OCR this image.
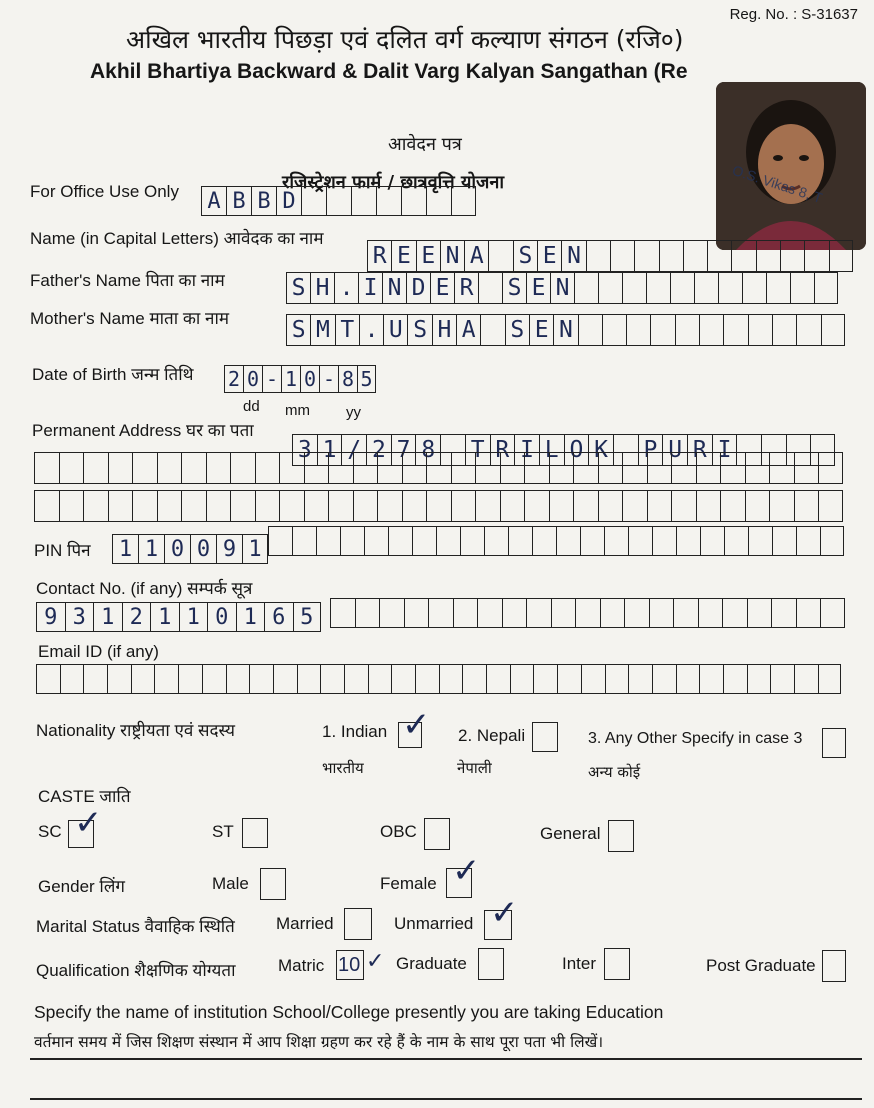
Reg. No. : S-31637
अखिल भारतीय पिछड़ा एवं दलित वर्ग कल्याण संगठन (रजि०)
Akhil Bhartiya Backward & Dalit Varg Kalyan Sangathan (Re
आवेदन पत्र
रजिस्ट्रेशन फार्म / छात्रवृत्ति योजना	O.S. Vikas 8, T
For Office Use Only A B B D
Name (in Capital Letters) आवेदक का नाम
R E E N A S E N
Father's Name पिता का नाम	S H . I N D E R S E N
Mother's Name माता का नाम	S M T . U S H A S E N
Date of Birth जन्म तिथि 2 0 - 1 0 - 8 5
dd mm yy
Permanent Address घर का पता
3 1 / 2 7 8 T R I L O K P U R I
PIN पिन	1 1 0 0 9 1
Contact No. (if any) सम्पर्क सूत्र
9 3 1 2 1 1 0 1 6 5
Email ID (if any)
Nationality राष्ट्रीयता एवं सदस्य	1. Indian ✓
भारतीय
2. Nepali
नेपाली
3. Any Other Specify in case 3
अन्य कोई
CASTE जाति
SC ✓	ST	OBC	General
Gender लिंग	Male	Female ✓
Marital Status वैवाहिक स्थिति Married	Unmarried ✓
Qualification शैक्षणिक योग्यता	Matric 10 ✓ Graduate	Inter	Post Graduate
Specify the name of institution School/College presently you are taking Education
वर्तमान समय में जिस शिक्षण संस्थान में आप शिक्षा ग्रहण कर रहे हैं के नाम के साथ पूरा पता भी लिखें।
